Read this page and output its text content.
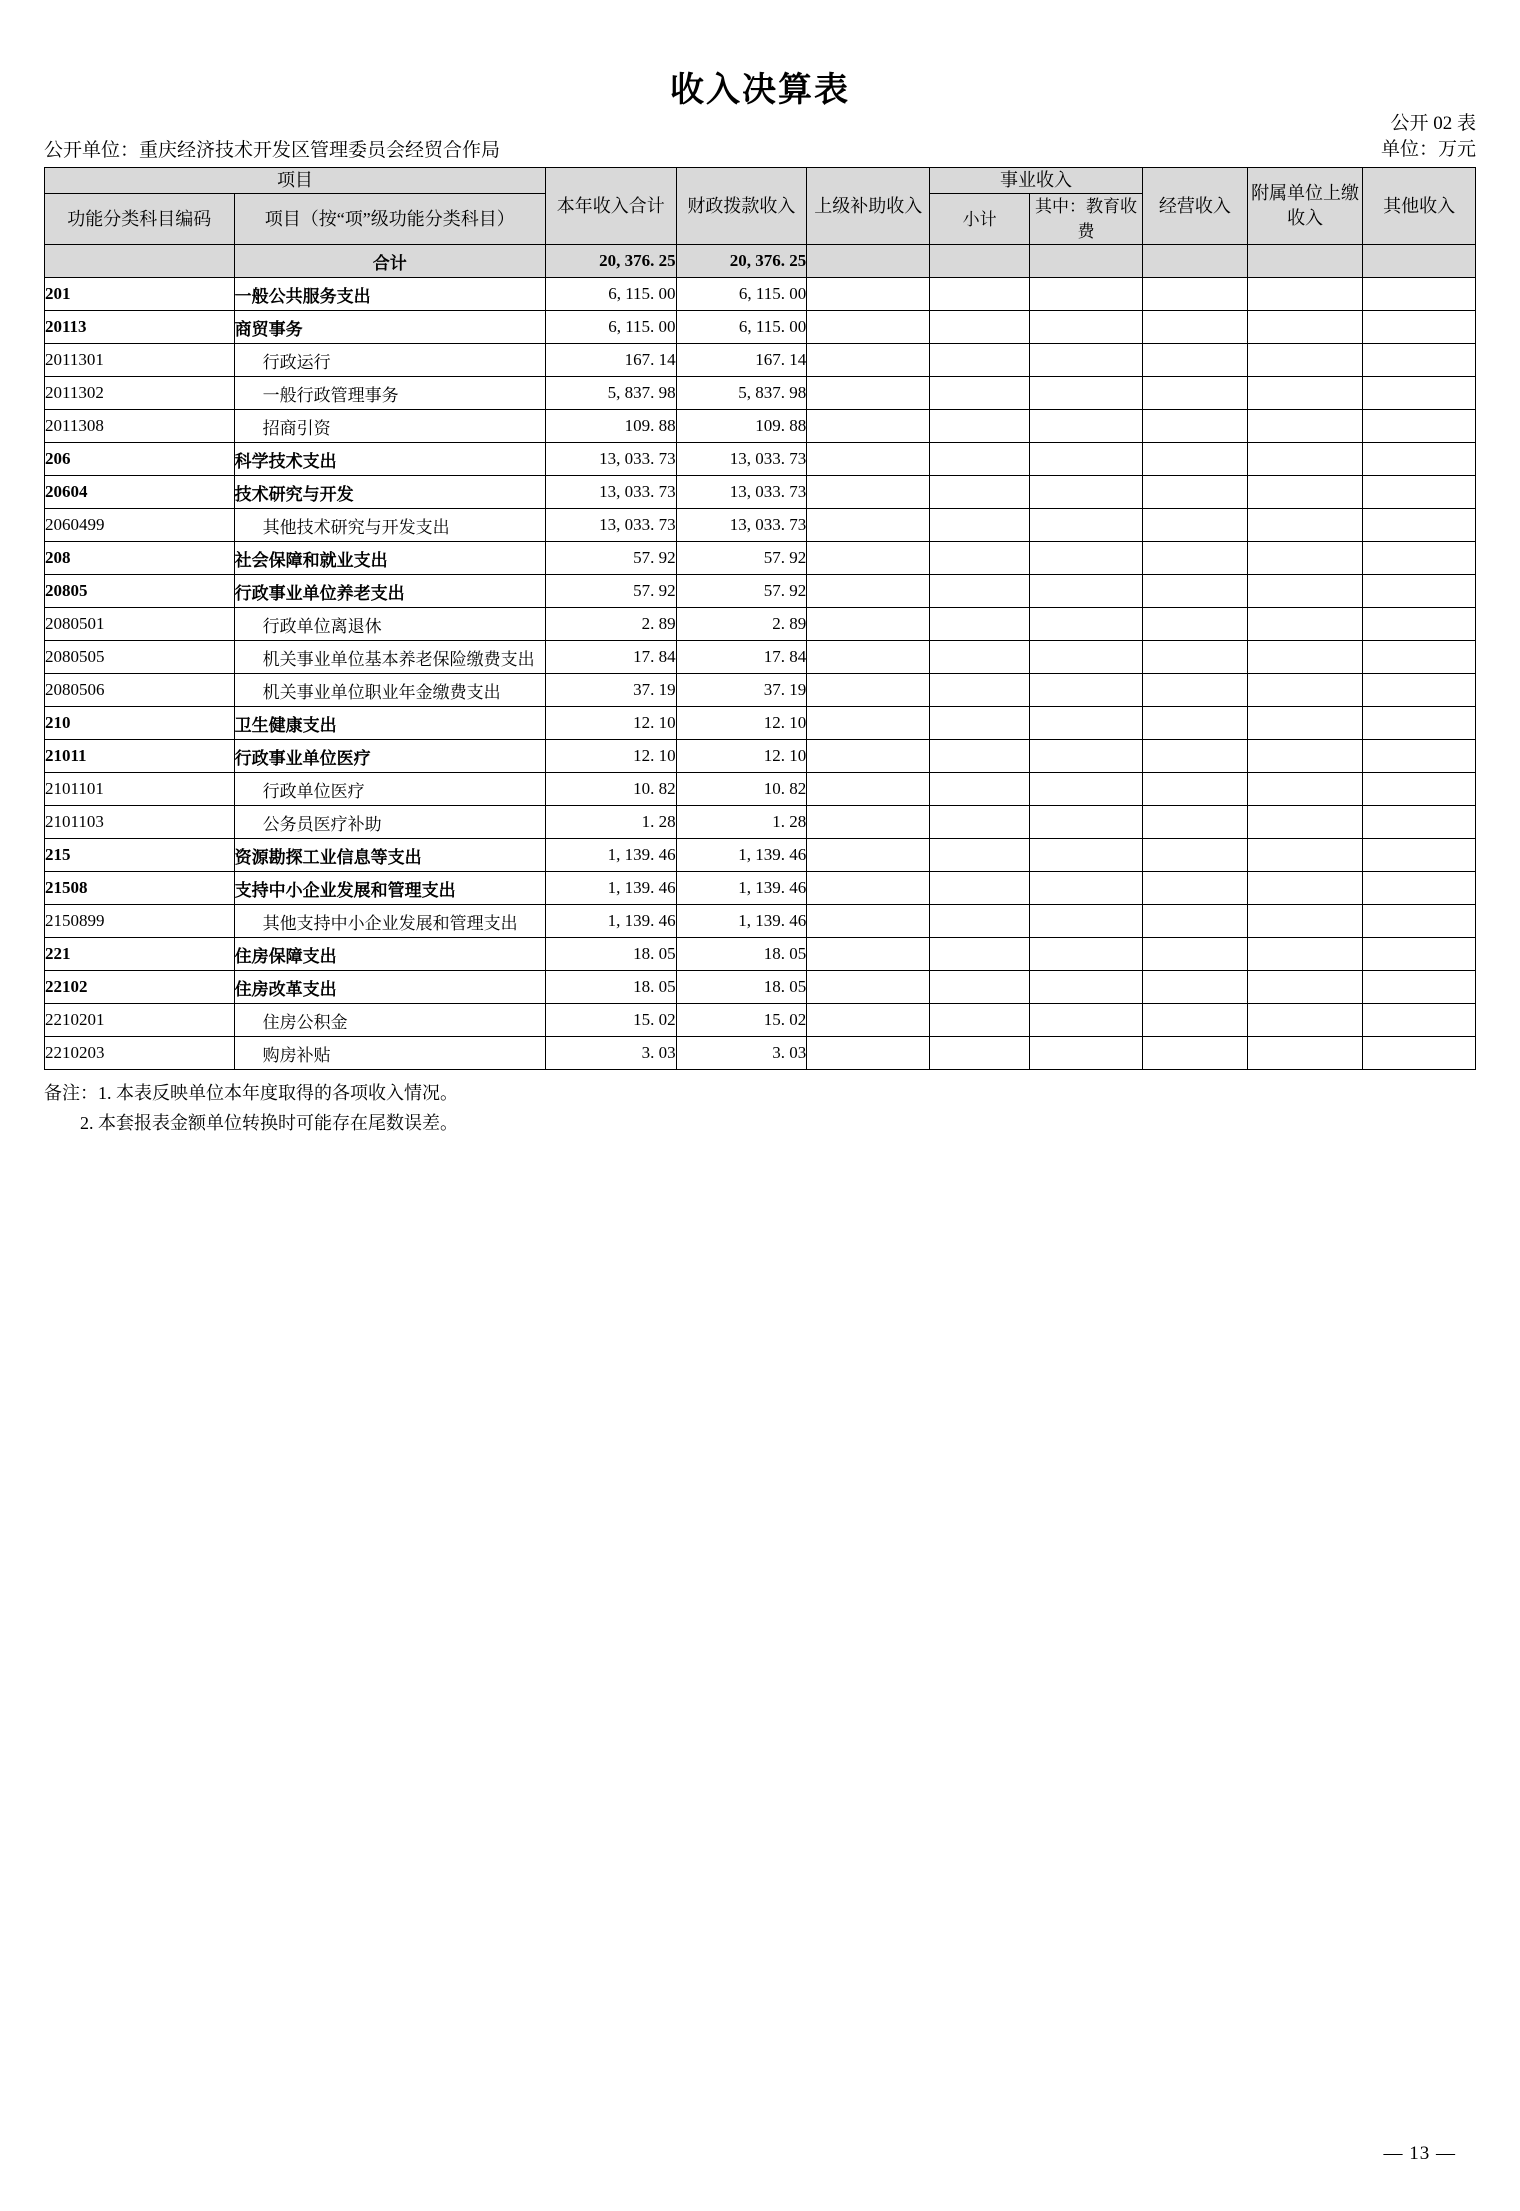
收入决算表
公开单位：重庆经济技术开发区管理委员会经贸合作局
公开 02 表
单位：万元
项目		本年收入合计	财政拨款收入	上级补助收入	事业收入		经营收入	附属单位上缴收入	其他收入
功能分类科目编码	项目（按“项”级功能分类科目）				小计	其中：教育收费			
	合计	20, 376. 25	20, 376. 25						
201	一般公共服务支出	6, 115. 00	6, 115. 00						
20113	商贸事务	6, 115. 00	6, 115. 00						
2011301	行政运行	167. 14	167. 14						
2011302	一般行政管理事务	5, 837. 98	5, 837. 98						
2011308	招商引资	109. 88	109. 88						
206	科学技术支出	13, 033. 73	13, 033. 73						
20604	技术研究与开发	13, 033. 73	13, 033. 73						
2060499	其他技术研究与开发支出	13, 033. 73	13, 033. 73						
208	社会保障和就业支出	57. 92	57. 92						
20805	行政事业单位养老支出	57. 92	57. 92						
2080501	行政单位离退休	2. 89	2. 89						
2080505	机关事业单位基本养老保险缴费支出	17. 84	17. 84						
2080506	机关事业单位职业年金缴费支出	37. 19	37. 19						
210	卫生健康支出	12. 10	12. 10						
21011	行政事业单位医疗	12. 10	12. 10						
2101101	行政单位医疗	10. 82	10. 82						
2101103	公务员医疗补助	1. 28	1. 28						
215	资源勘探工业信息等支出	1, 139. 46	1, 139. 46						
21508	支持中小企业发展和管理支出	1, 139. 46	1, 139. 46						
2150899	其他支持中小企业发展和管理支出	1, 139. 46	1, 139. 46						
221	住房保障支出	18. 05	18. 05						
22102	住房改革支出	18. 05	18. 05						
2210201	住房公积金	15. 02	15. 02						
2210203	购房补贴	3. 03	3. 03						
备注：1. 本表反映单位本年度取得的各项收入情况。
2. 本套报表金额单位转换时可能存在尾数误差。
— 13 —
